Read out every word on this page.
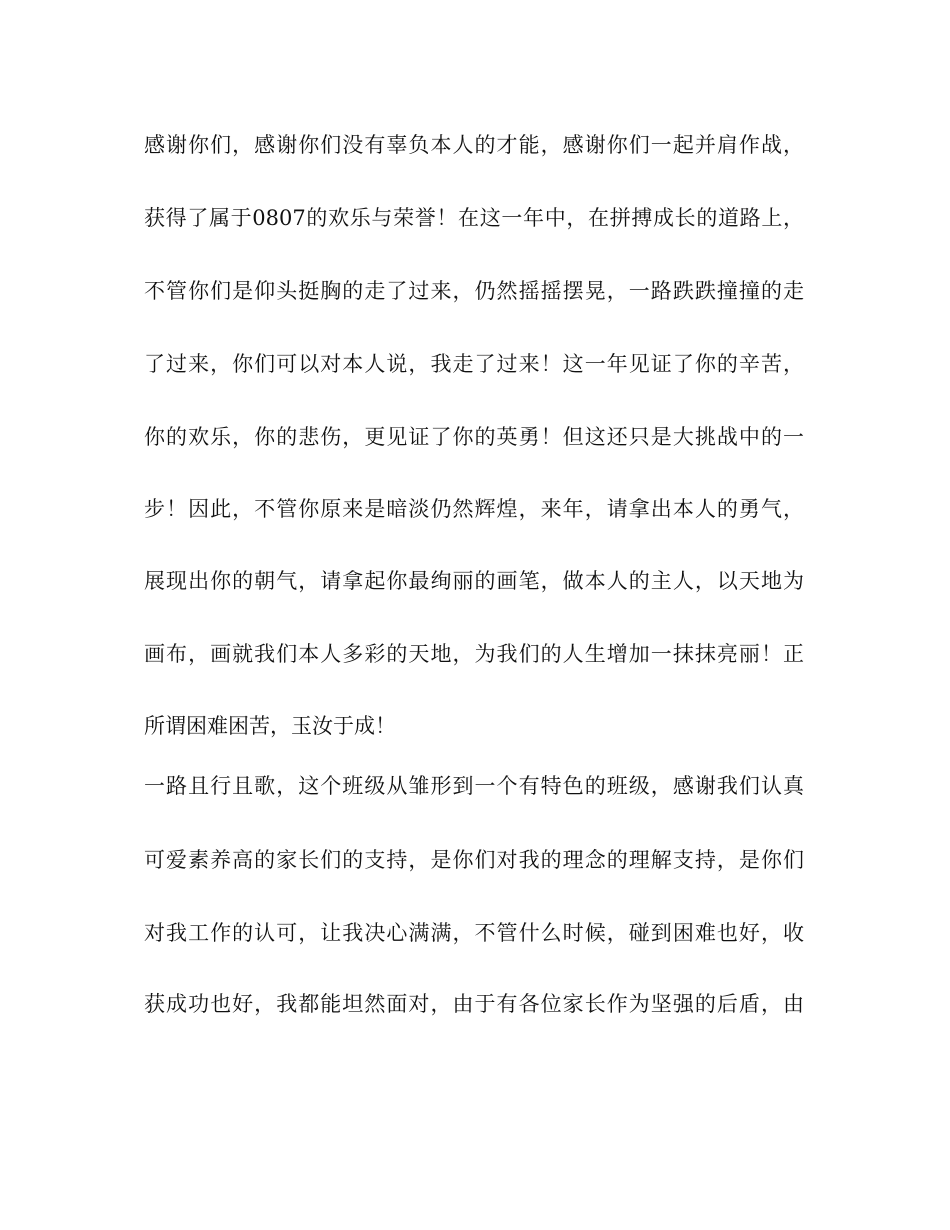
感谢你们，感谢你们没有辜负本人的才能，感谢你们一起并肩作战，
获得了属于0807的欢乐与荣誉！在这一年中，在拼搏成长的道路上，
不管你们是仰头挺胸的走了过来，仍然摇摇摆晃，一路跌跌撞撞的走
了过来，你们可以对本人说，我走了过来！这一年见证了你的辛苦，
你的欢乐，你的悲伤，更见证了你的英勇！但这还只是大挑战中的一
步！因此，不管你原来是暗淡仍然辉煌，来年，请拿出本人的勇气，
展现出你的朝气，请拿起你最绚丽的画笔，做本人的主人，以天地为
画布，画就我们本人多彩的天地，为我们的人生增加一抹抹亮丽！正
所谓困难困苦，玉汝于成！
一路且行且歌，这个班级从雏形到一个有特色的班级，感谢我们认真
可爱素养高的家长们的支持，是你们对我的理念的理解支持，是你们
对我工作的认可，让我决心满满，不管什么时候，碰到困难也好，收
获成功也好，我都能坦然面对，由于有各位家长作为坚强的后盾，由
